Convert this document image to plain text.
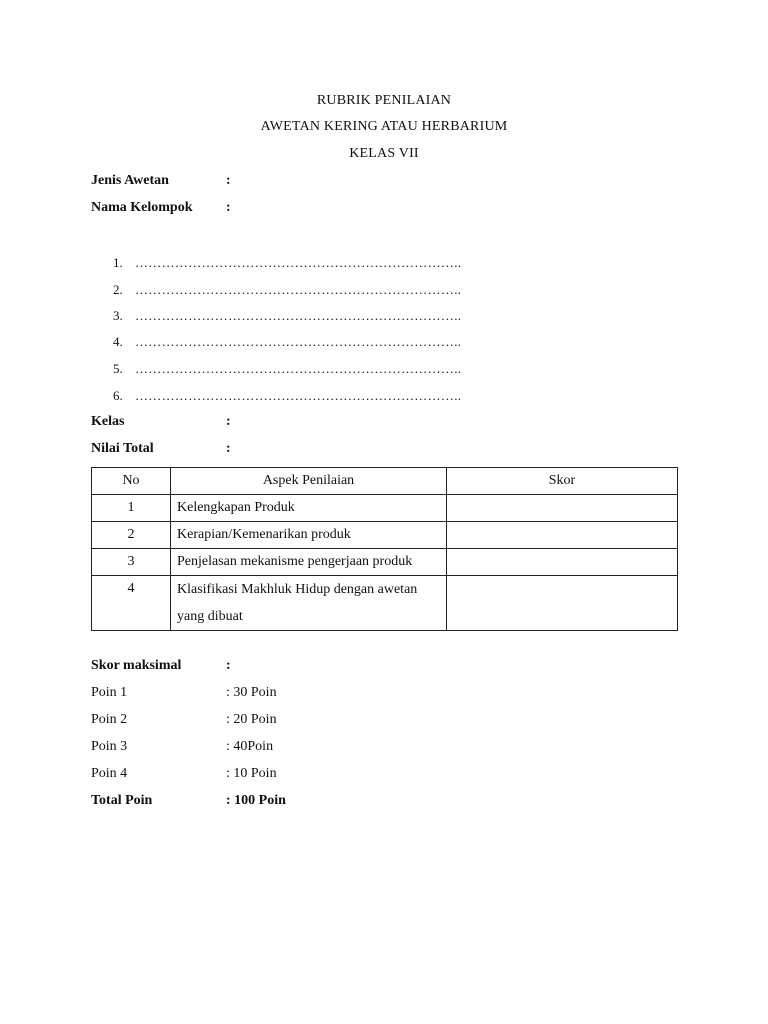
RUBRIK PENILAIAN
AWETAN KERING ATAU HERBARIUM
KELAS VII
Jenis Awetan	:
Nama Kelompok :
1. ………………………………………………………………..
2. ………………………………………………………………..
3. ………………………………………………………………..
4. ………………………………………………………………..
5. ………………………………………………………………..
6. ………………………………………………………………..
Kelas	:
Nilai Total	:
No	Aspek Penilaian	Skor
1	Kelengkapan Produk	
2	Kerapian/Kemenarikan produk	
3	Penjelasan mekanisme pengerjaan produk	
4	Klasifikasi Makhluk Hidup dengan awetan
yang dibuat	

Skor maksimal	:
Poin 1	: 30 Poin
Poin 2	: 20 Poin
Poin 3	: 40Poin
Poin 4	: 10 Poin
Total Poin	: 100 Poin
